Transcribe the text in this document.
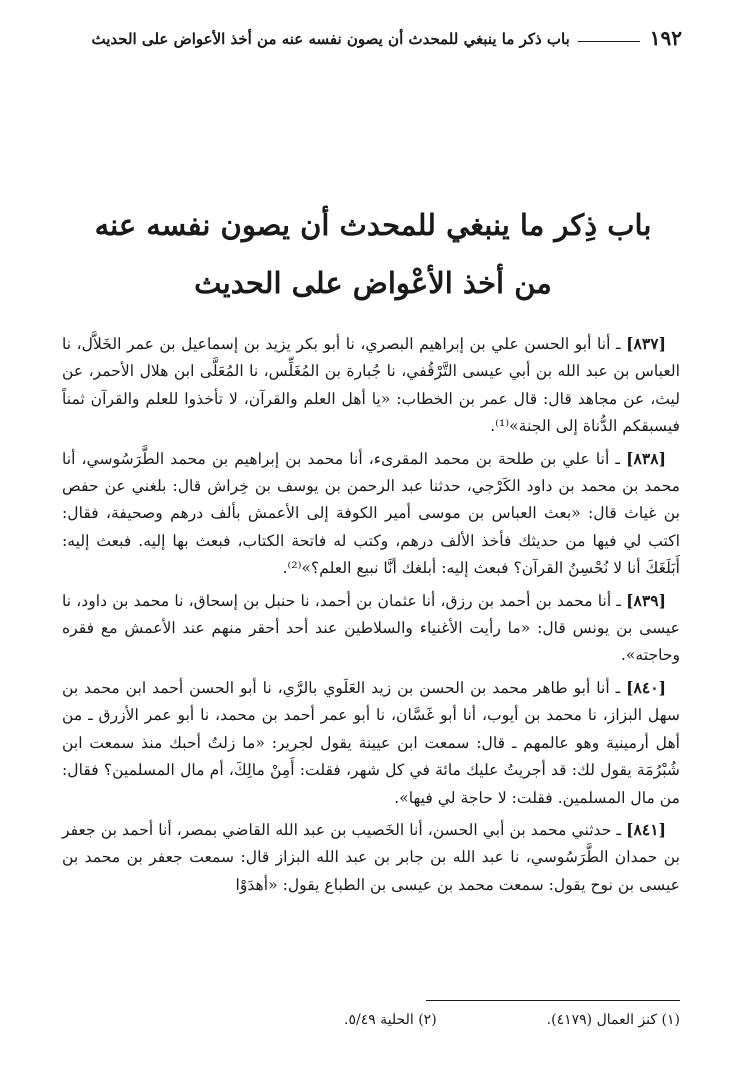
١٩٢
باب ذكر ما ينبغي للمحدث أن يصون نفسه عنه من أخذ الأعواض على الحديث
باب ذِكر ما ينبغي للمحدث أن يصون نفسه عنه
من أخذ الأعْواض على الحديث

[٨٣٧] ـ أنا أبو الحسن علي بن إبراهيم البصري، نا أبو بكر يزيد بن إسماعيل بن عمر الخَلاَّل، نا العباس بن عبد الله بن أبي عيسى التَّرْقُفي، نا جُبارة بن المُغَلِّس، نا المُعَلَّى ابن هلال الأحمر، عن ليث، عن مجاهد قال: قال عمر بن الخطاب: «يا أهل العلم والقرآن، لا تأخذوا للعلم والقرآن ثمناً فيسبقكم الدُّناة إلى الجنة»⁽¹⁾.

[٨٣٨] ـ أنا علي بن طلحة بن محمد المقرىء، أنا محمد بن إبراهيم بن محمد الطَّرَسُوسي، أنا محمد بن محمد بن داود الكَرْجي، حدثنا عبد الرحمن بن يوسف بن خِراش قال: بلغني عن حفص بن غياث قال: «بعث العباس بن موسى أمير الكوفة إلى الأعمش بألف درهم وصحيفة، فقال: اكتب لي فيها من حديثك فأخذ الألف درهم، وكتب له فاتحة الكتاب، فبعث بها إليه. فبعث إليه: أَبَلَغَكَ أنا لا نُحْسِنُ القرآن؟ فبعث إليه: أبلغك أنَّا نبيع العلم؟»⁽²⁾.

[٨٣٩] ـ أنا محمد بن أحمد بن رزق، أنا عثمان بن أحمد، نا حنبل بن إسحاق، نا محمد بن داود، نا عيسى بن يونس قال: «ما رأيت الأغنياء والسلاطين عند أحد أحقر منهم عند الأعمش مع فقره وحاجته».

[٨٤٠] ـ أنا أبو طاهر محمد بن الحسن بن زيد العَلَوي بالرَّي، نا أبو الحسن أحمد ابن محمد بن سهل البزاز، نا محمد بن أيوب، أنا أبو غَسَّان، نا أبو عمر أحمد بن محمد، نا أبو عمر الأزرق ـ من أهل أرمينية وهو عالمهم ـ قال: سمعت ابن عيينة يقول لجرير: «ما زلتُ أحبك منذ سمعت ابن شُبْرُمَة يقول لك: قد أجريتُ عليك مائة في كل شهر، فقلت: أَمِنْ مالِكَ، أم مال المسلمين؟ فقال: من مال المسلمين. فقلت: لا حاجة لي فيها».

[٨٤١] ـ حدثني محمد بن أبي الحسن، أنا الخَصيب بن عبد الله القاضي بمصر، أنا أحمد بن جعفر بن حمدان الطَّرَسُوسي، نا عبد الله بن جابر بن عبد الله البزاز قال: سمعت جعفر بن محمد بن عيسى بن نوح يقول: سمعت محمد بن عيسى بن الطباع يقول: «أهدَوْا

(١) كنز العمال (٤١٧٩).
(٢) الحلية ٥/٤٩.
